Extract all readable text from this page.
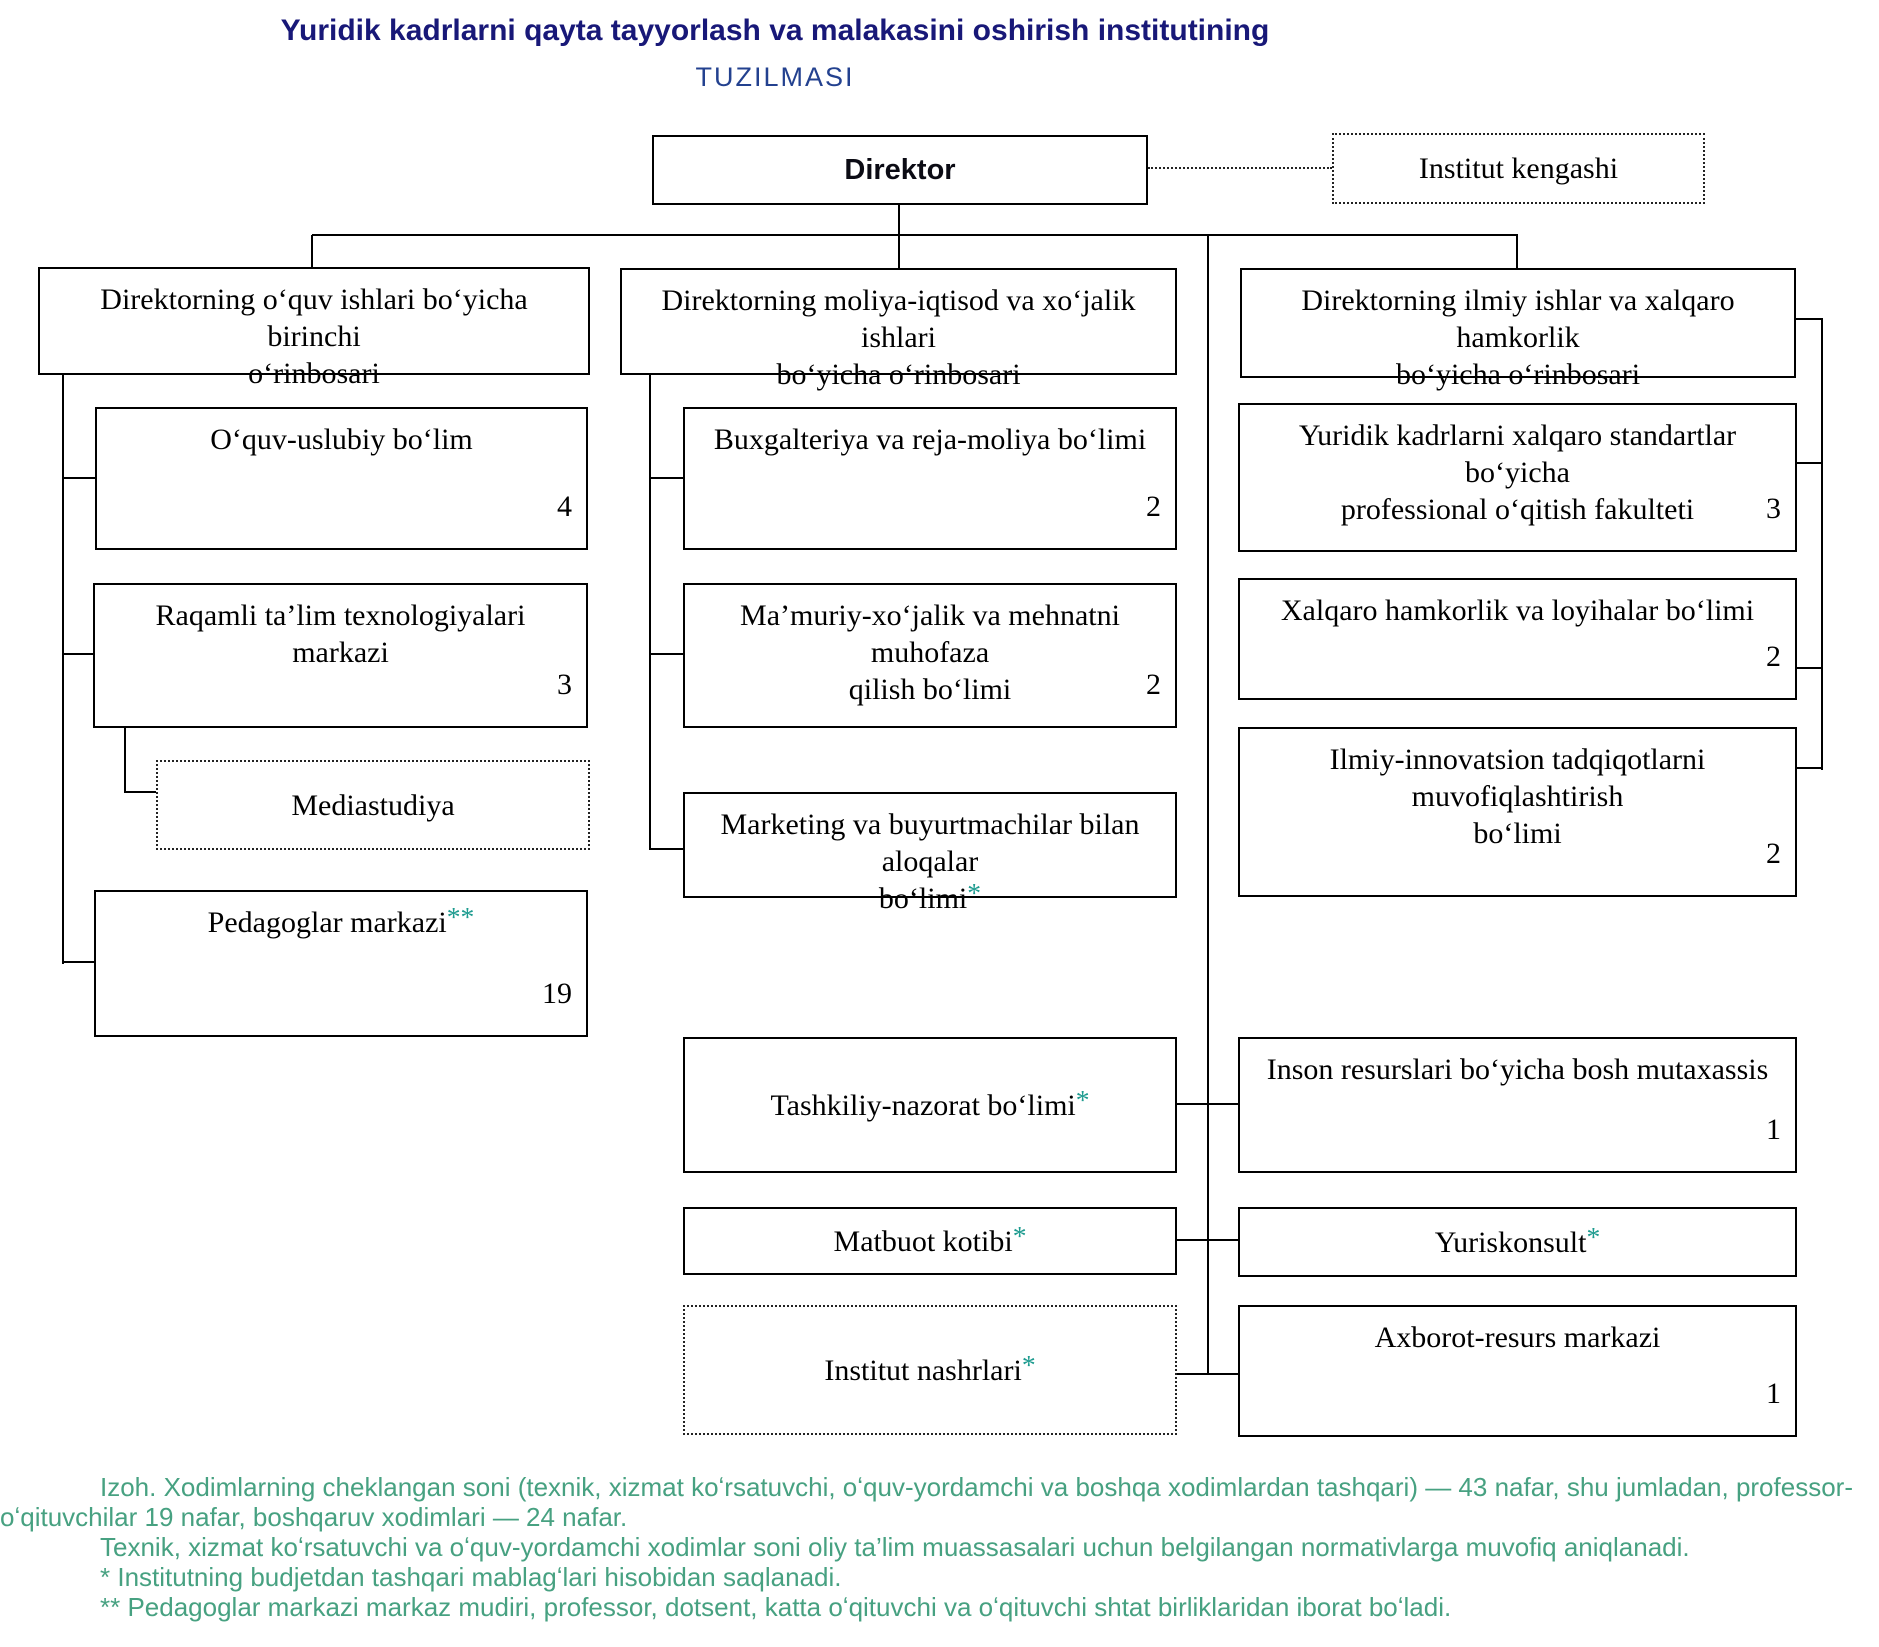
Yuridik kadrlarni qayta tayyorlash va malakasini oshirish institutining
TUZILMASI
Direktor	Institut kengashi
Direktorning oʻquv ishlari boʻyicha birinchi
oʻrinbosari
Direktorning moliya-iqtisod va xoʻjalik ishlari
boʻyicha oʻrinbosari
Direktorning ilmiy ishlar va xalqaro hamkorlik
boʻyicha oʻrinbosari
Oʻquv-uslubiy boʻlim
4
Raqamli ta’lim texnologiyalari markazi
3
Mediastudiya
Pedagoglar markazi**
19
Buxgalteriya va reja-moliya boʻlimi
2
Ma’muriy-xoʻjalik va mehnatni muhofaza
qilish boʻlimi	2
Marketing va buyurtmachilar bilan aloqalar
boʻlimi*
Tashkiliy-nazorat boʻlimi*
Matbuot kotibi*
Institut nashrlari*
Yuridik kadrlarni xalqaro standartlar boʻyicha
professional oʻqitish fakulteti	3
Xalqaro hamkorlik va loyihalar boʻlimi
2
Ilmiy-innovatsion tadqiqotlarni muvofiqlashtirish
boʻlimi
2
Inson resurslari boʻyicha bosh mutaxassis
1
Yuriskonsult*
Axborot-resurs markazi
1

Izoh. Xodimlarning cheklangan soni (texnik, xizmat koʻrsatuvchi, oʻquv-yordamchi va boshqa xodimlardan tashqari) — 43 nafar, shu jumladan, professor-oʻqituvchilar 19 nafar, boshqaruv xodimlari — 24 nafar.

Texnik, xizmat koʻrsatuvchi va oʻquv-yordamchi xodimlar soni oliy ta’lim muassasalari uchun belgilangan normativlarga muvofiq aniqlanadi.

* Institutning budjetdan tashqari mablagʻlari hisobidan saqlanadi.

** Pedagoglar markazi markaz mudiri, professor, dotsent, katta oʻqituvchi va oʻqituvchi shtat birliklaridan iborat boʻladi.
